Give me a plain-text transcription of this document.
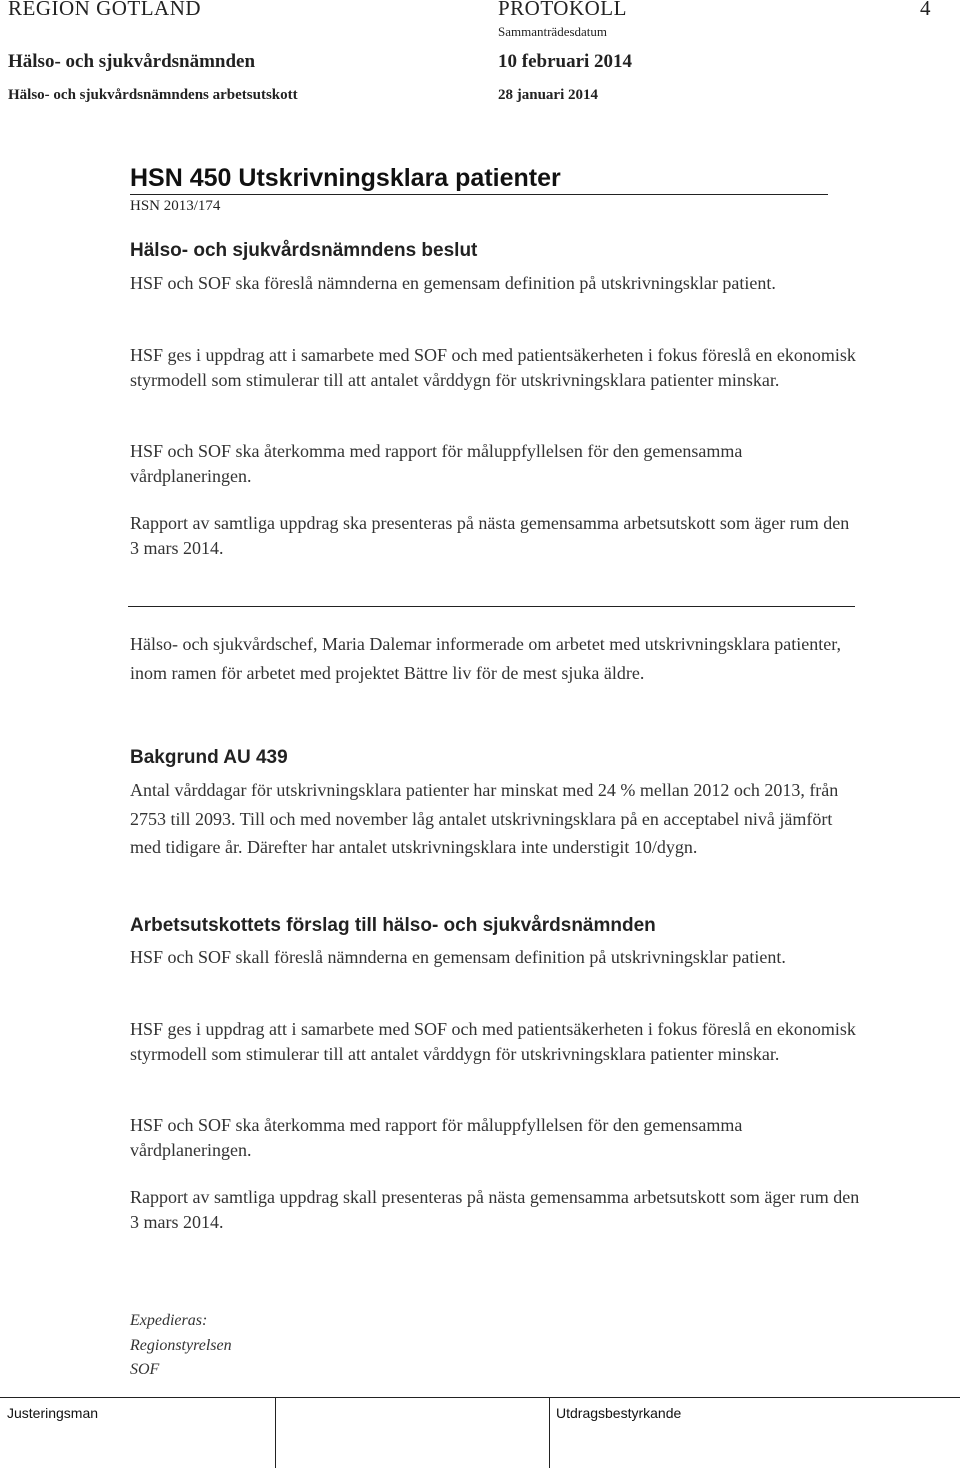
REGION GOTLAND	PROTOKOLL	4
Sammanträdesdatum
Hälso- och sjukvårdsnämnden	10 februari 2014
Hälso- och sjukvårdsnämndens arbetsutskott	28 januari 2014
HSN 450 Utskrivningsklara patienter
HSN 2013/174
Hälso- och sjukvårdsnämndens beslut
HSF och SOF ska föreslå nämnderna en gemensam definition på utskrivningsklar patient.
HSF ges i uppdrag att i samarbete med SOF och med patientsäkerheten i fokus föreslå en ekonomisk styrmodell som stimulerar till att antalet vårddygn för utskrivningsklara patienter minskar.
HSF och SOF ska återkomma med rapport för måluppfyllelsen för den gemensamma vårdplaneringen.
Rapport av samtliga uppdrag ska presenteras på nästa gemensamma arbetsutskott som äger rum den 3 mars 2014.
Hälso- och sjukvårdschef, Maria Dalemar informerade om arbetet med utskrivningsklara patienter, inom ramen för arbetet med projektet Bättre liv för de mest sjuka äldre.
Bakgrund AU 439
Antal vårddagar för utskrivningsklara patienter har minskat med 24 % mellan 2012 och 2013, från 2753 till 2093. Till och med november låg antalet utskrivningsklara på en acceptabel nivå jämfört med tidigare år. Därefter har antalet utskrivningsklara inte understigit 10/dygn.
Arbetsutskottets förslag till hälso- och sjukvårdsnämnden
HSF och SOF skall föreslå nämnderna en gemensam definition på utskrivningsklar patient.
HSF ges i uppdrag att i samarbete med SOF och med patientsäkerheten i fokus föreslå en ekonomisk styrmodell som stimulerar till att antalet vårddygn för utskrivningsklara patienter minskar.
HSF och SOF ska återkomma med rapport för måluppfyllelsen för den gemensamma vårdplaneringen.
Rapport av samtliga uppdrag skall presenteras på nästa gemensamma arbetsutskott som äger rum den 3 mars 2014.
Expedieras:
Regionstyrelsen
SOF
Justeringsman	Utdragsbestyrkande
